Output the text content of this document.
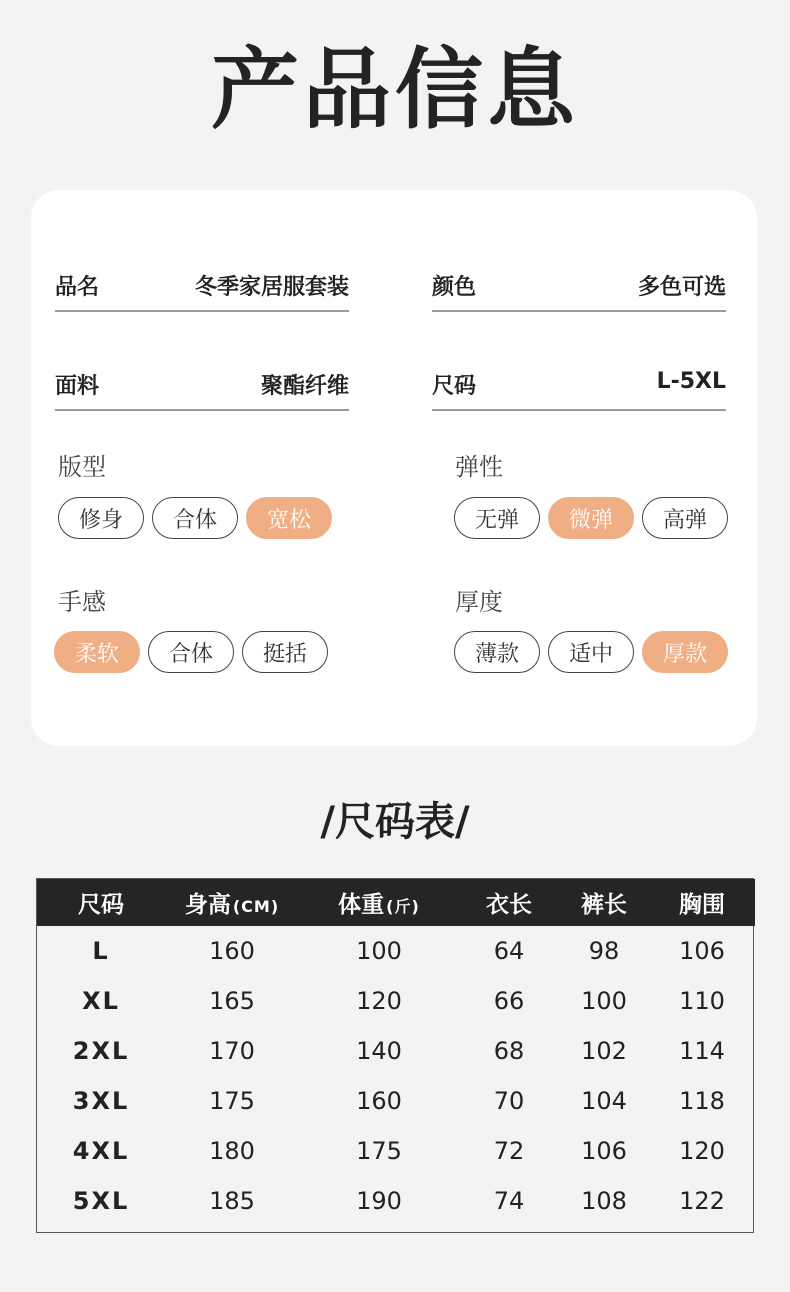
产品信息
品名	冬季家居服套装	颜色	多色可选
面料	聚酯纤维	尺码	L-5XL
版型
修身	合体	宽松
弹性
无弹	微弹	高弹
手感
柔软	合体	挺括
厚度
薄款	适中	厚款
/尺码表/
尺码	身高 (CM)	体重 (斤)	衣长	裤长	胸围
L	160	100	64	98	106
XL	165	120	66	100	110
2XL	170	140	68	102	114
3XL	175	160	70	104	118
4XL	180	175	72	106	120
5XL	185	190	74	108	122
